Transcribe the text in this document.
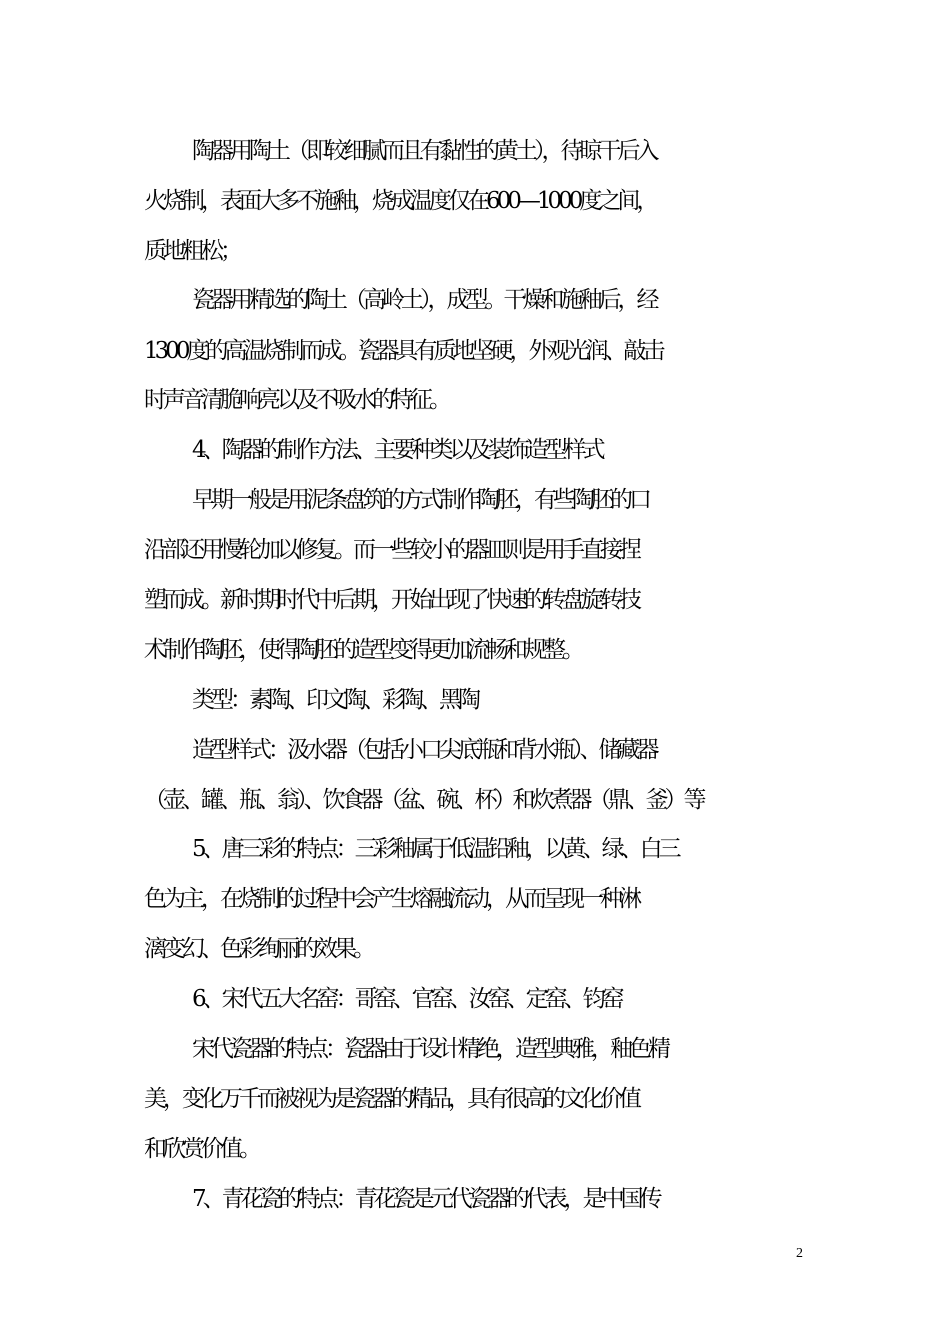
陶器用陶土（即较细腻而且有黏性的黄土），待晾干后入

火烧制，表面大多不施釉，烧成温度仅在600—1000度之间，

质地粗松；

瓷器用精选的陶土（高岭土），成型。干燥和施釉后，经

1300度的高温烧制而成。瓷器具有质地坚硬，外观光润、敲击

时声音清脆响亮以及不吸水的特征。

4、陶器的制作方法、主要种类以及装饰造型样式

早期一般是用泥条盘筑的方式制作陶胚，有些陶胚的口

沿部还用慢轮加以修复。而一些较小的器皿则是用手直接捏

塑而成。新时期时代中后期，开始出现了快速的转盘旋转技

术制作陶胚，使得陶胚的造型变得更加流畅和规整。

类型：素陶、印文陶、彩陶、黑陶

造型样式：汲水器（包括小口尖底瓶和背水瓶）、储藏器

（壶、罐、瓶、翁）、饮食器（盆、碗、杯）和炊煮器（鼎、釜）等

5、唐三彩的特点：三彩釉属于低温铅釉，以黄、绿、白三

色为主，在烧制的过程中会产生熔融流动，从而呈现一种淋

漓变幻、色彩绚丽的效果。

6、宋代五大名窑：哥窑、官窑、汝窑、定窑、钧窑

宋代瓷器的特点：瓷器由于设计精绝，造型典雅，釉色精

美，变化万千而被视为是瓷器的精品，具有很高的文化价值

和欣赏价值。

7、青花瓷的特点：青花瓷是元代瓷器的代表，是中国传

2
